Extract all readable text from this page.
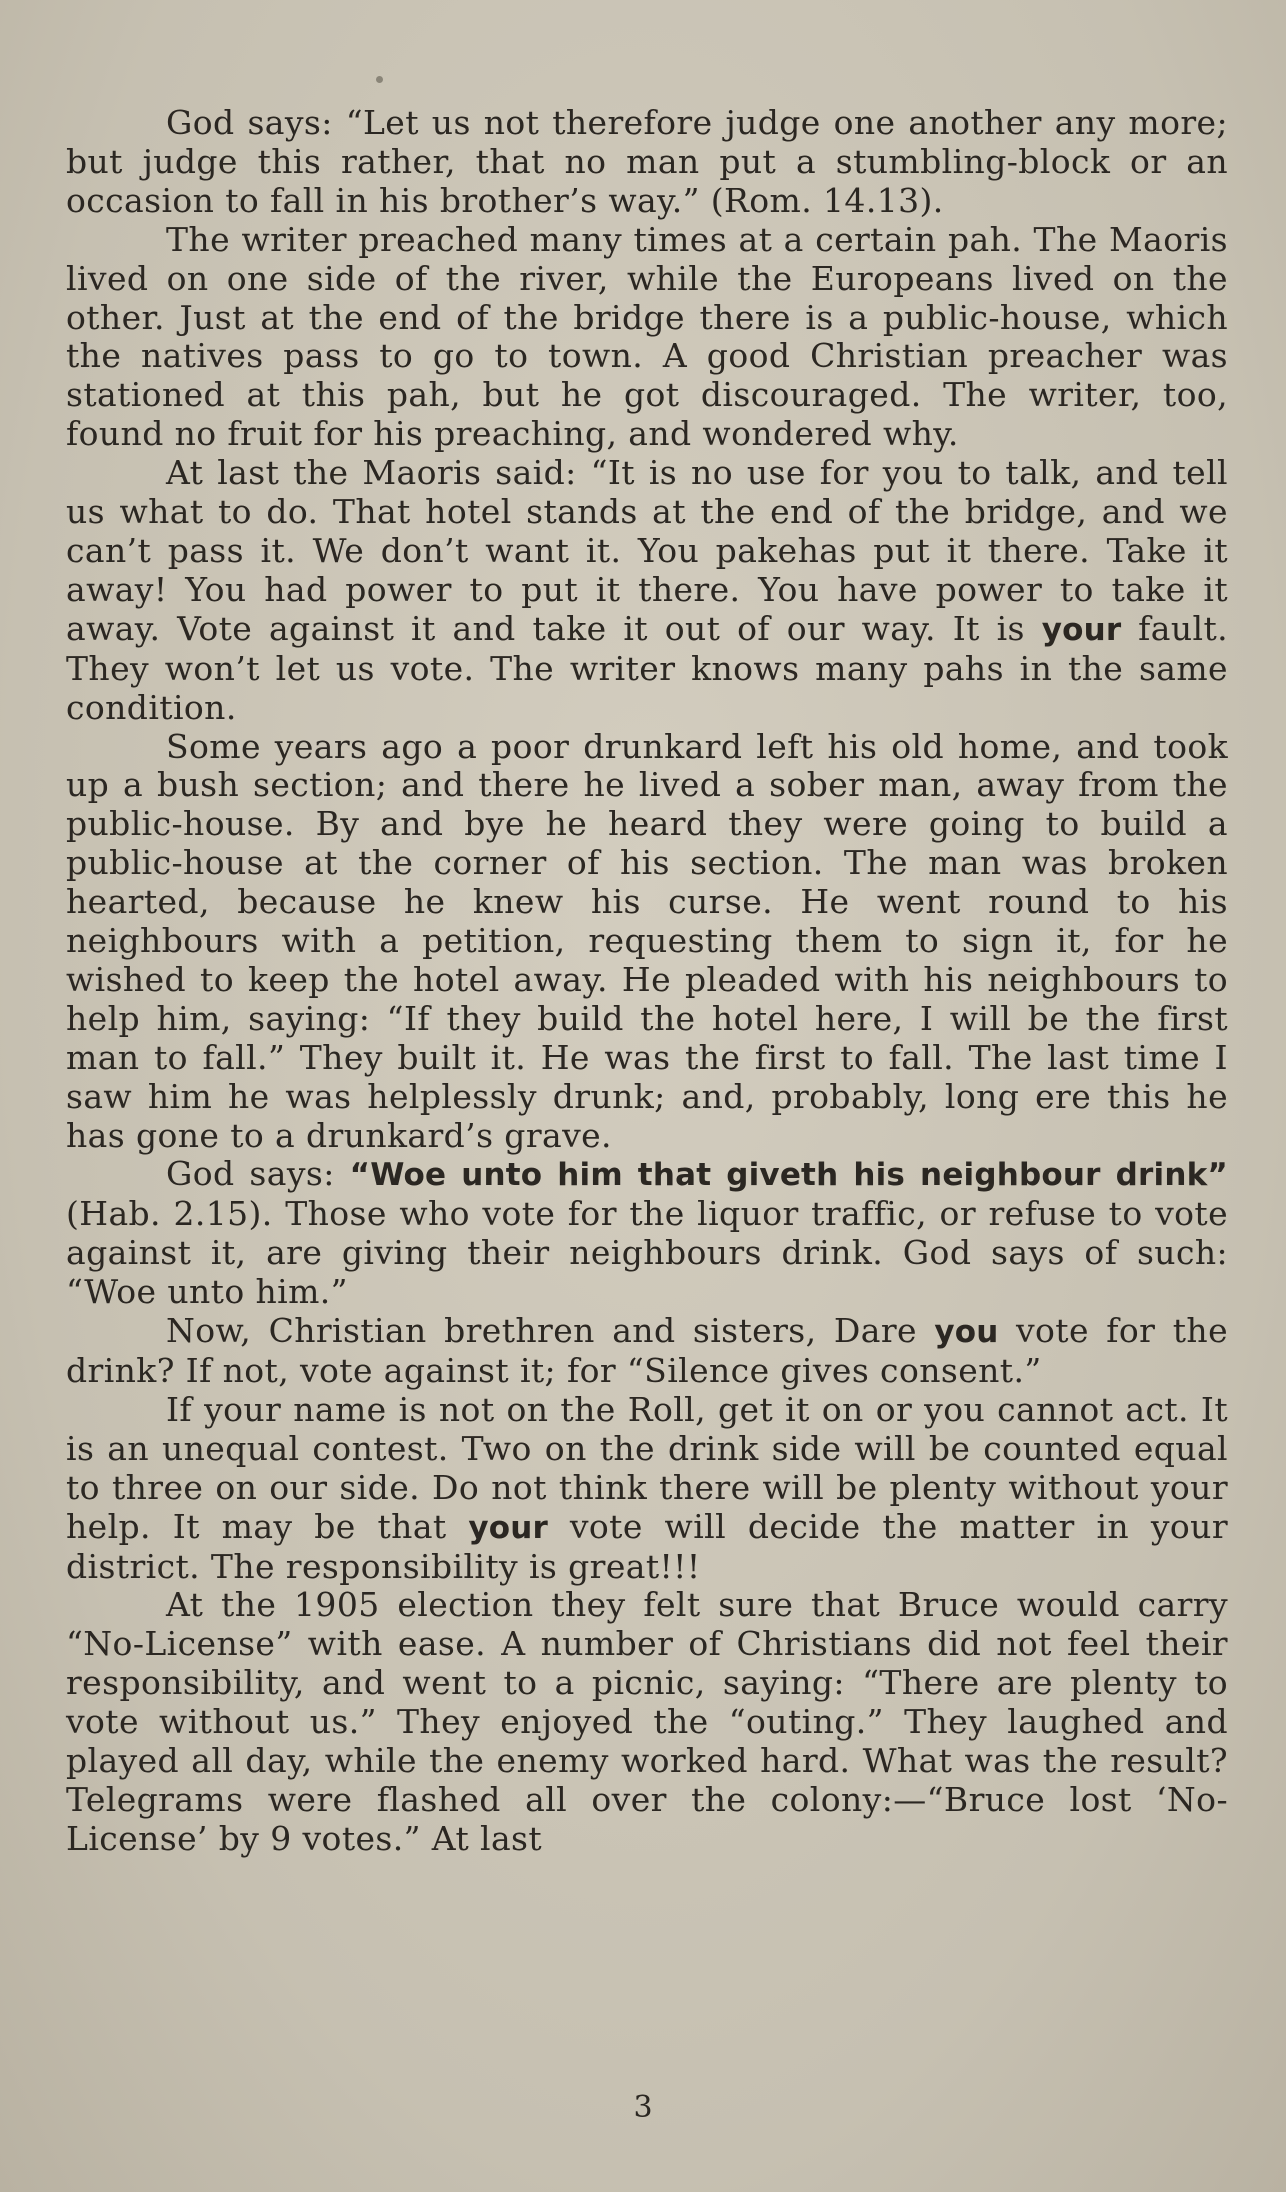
God says: “Let us not therefore judge one another any more; but judge this rather, that no man put a stumbling-block or an occasion to fall in his brother’s way.” (Rom. 14.13).

The writer preached many times at a certain pah. The Maoris lived on one side of the river, while the Europeans lived on the other. Just at the end of the bridge there is a public-house, which the natives pass to go to town. A good Christian preacher was stationed at this pah, but he got discouraged. The writer, too, found no fruit for his preaching, and wondered why.

At last the Maoris said: “It is no use for you to talk, and tell us what to do. That hotel stands at the end of the bridge, and we can’t pass it. We don’t want it. You pakehas put it there. Take it away! You had power to put it there. You have power to take it away. Vote against it and take it out of our way. It is your fault. They won’t let us vote. The writer knows many pahs in the same condition.

Some years ago a poor drunkard left his old home, and took up a bush section; and there he lived a sober man, away from the public-house. By and bye he heard they were going to build a public-house at the corner of his section. The man was broken hearted, because he knew his curse. He went round to his neighbours with a petition, requesting them to sign it, for he wished to keep the hotel away. He pleaded with his neighbours to help him, saying: “If they build the hotel here, I will be the first man to fall.” They built it. He was the first to fall. The last time I saw him he was helplessly drunk; and, probably, long ere this he has gone to a drunkard’s grave.

God says: “Woe unto him that giveth his neighbour drink” (Hab. 2.15). Those who vote for the liquor traffic, or refuse to vote against it, are giving their neighbours drink. God says of such: “Woe unto him.”

Now, Christian brethren and sisters, Dare you vote for the drink? If not, vote against it; for “Silence gives consent.”

If your name is not on the Roll, get it on or you cannot act. It is an unequal contest. Two on the drink side will be counted equal to three on our side. Do not think there will be plenty without your help. It may be that your vote will decide the matter in your district. The responsibility is great!!!

At the 1905 election they felt sure that Bruce would carry “No-License” with ease. A number of Christians did not feel their responsibility, and went to a picnic, saying: “There are plenty to vote without us.” They enjoyed the “outing.” They laughed and played all day, while the enemy worked hard. What was the result? Telegrams were flashed all over the colony:—“Bruce lost ‘No-License’ by 9 votes.” At last

3
